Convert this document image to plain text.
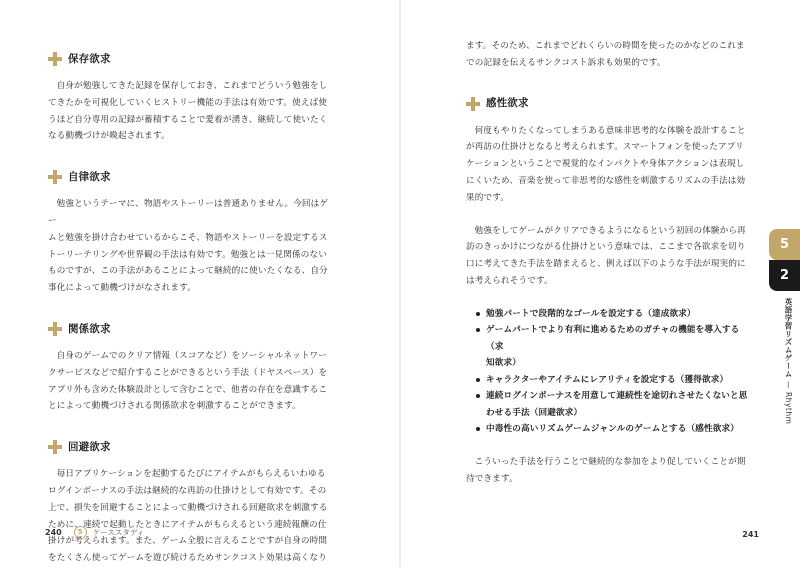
保存欲求

自身が勉強してきた記録を保存しておき、これまでどういう勉強をし
てきたかを可視化していくヒストリー機能の手法は有効です。使えば使
うほど自分専用の記録が蓄積することで愛着が湧き、継続して使いたく
なる動機づけが喚起されます。

自律欲求

勉強というテーマに、物語やストーリーは普通ありません。今回はゲー
ムと勉強を掛け合わせているからこそ、物語やストーリーを設定するス
トーリーテリングや世界観の手法は有効です。勉強とは一見関係のない
ものですが、この手法があることによって継続的に使いたくなる、自分
事化によって動機づけがなされます。

関係欲求

自身のゲームでのクリア情報（スコアなど）をソーシャルネットワー
クサービスなどで紹介することができるという手法（ドヤスペース）を
アプリ外も含めた体験設計として含むことで、他者の存在を意識するこ
とによって動機づけされる関係欲求を刺激することができます。

回避欲求

毎日アプリケーションを起動するたびにアイテムがもらえるいわゆる
ログインボーナスの手法は継続的な再訪の仕掛けとして有効です。その
上で、損失を回避することによって動機づけされる回避欲求を刺激する
ために、連続で起動したときにアイテムがもらえるという連続報酬の仕
掛けが考えられます。また、ゲーム全般に言えることですが自身の時間
をたくさん使ってゲームを遊び続けるためサンクコスト効果は高くなり

240	5	ケーススタディ	241

ます。そのため、これまでどれくらいの時間を使ったのかなどのこれま
での記録を伝えるサンクコスト訴求も効果的です。

感性欲求

何度もやりたくなってしまうある意味非思考的な体験を設計すること
が再訪の仕掛けとなると考えられます。スマートフォンを使ったアプリ
ケーションということで視覚的なインパクトや身体アクションは表現し
にくいため、音楽を使って非思考的な感性を刺激するリズムの手法は効
果的です。

勉強をしてゲームがクリアできるようになるという初回の体験から再
訪のきっかけにつながる仕掛けという意味では、ここまで各欲求を切り
口に考えてきた手法を踏まえると、例えば以下のような手法が現実的に
は考えられそうです。

勉強パートで段階的なゴールを設定する（達成欲求）
ゲームパートでより有利に進めるためのガチャの機能を導入する（求
知欲求）
キャラクターやアイテムにレアリティを設定する（獲得欲求）
連続ログインボーナスを用意して連続性を途切れさせたくないと思
わせる手法（回避欲求）
中毒性の高いリズムゲームジャンルのゲームとする（感性欲求）

こういった手法を行うことで継続的な参加をより促していくことが期
待できます。

5
2
英語学習リズムゲーム—Rhythm
